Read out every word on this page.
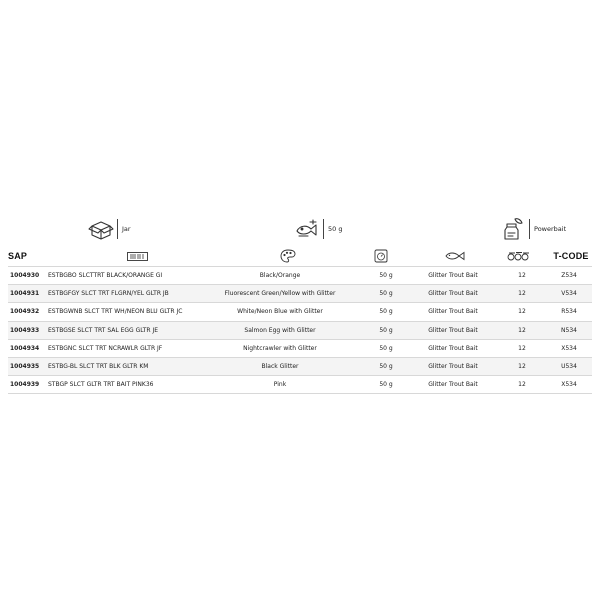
Jar	50 g	Powerbait
SAP	T-CODE
1004930 ESTBGBO SLCTTRT BLACK/ORANGE GI	Black/Orange	50 g	Glitter Trout Bait	12	Z534
1004931 ESTBGFGY SLCT TRT FLGRN/YEL GLTR JB	Fluorescent Green/Yellow with Glitter	50 g	Glitter Trout Bait	12	V534
1004932 ESTBGWNB SLCT TRT WH/NEON BLU GLTR JC	White/Neon Blue with Glitter	50 g	Glitter Trout Bait	12	R534
1004933 ESTBGSE SLCT TRT SAL EGG GLTR JE	Salmon Egg with Glitter	50 g	Glitter Trout Bait	12	N534
1004934 ESTBGNC SLCT TRT NCRAWLR GLTR JF	Nightcrawler with Glitter	50 g	Glitter Trout Bait	12	X534
1004935 ESTBG-BL SLCT TRT BLK GLTR KM	Black Glitter	50 g	Glitter Trout Bait	12	U534
1004939 STBGP SLCT GLTR TRT BAIT PINK36	Pink	50 g	Glitter Trout Bait	12	X534
